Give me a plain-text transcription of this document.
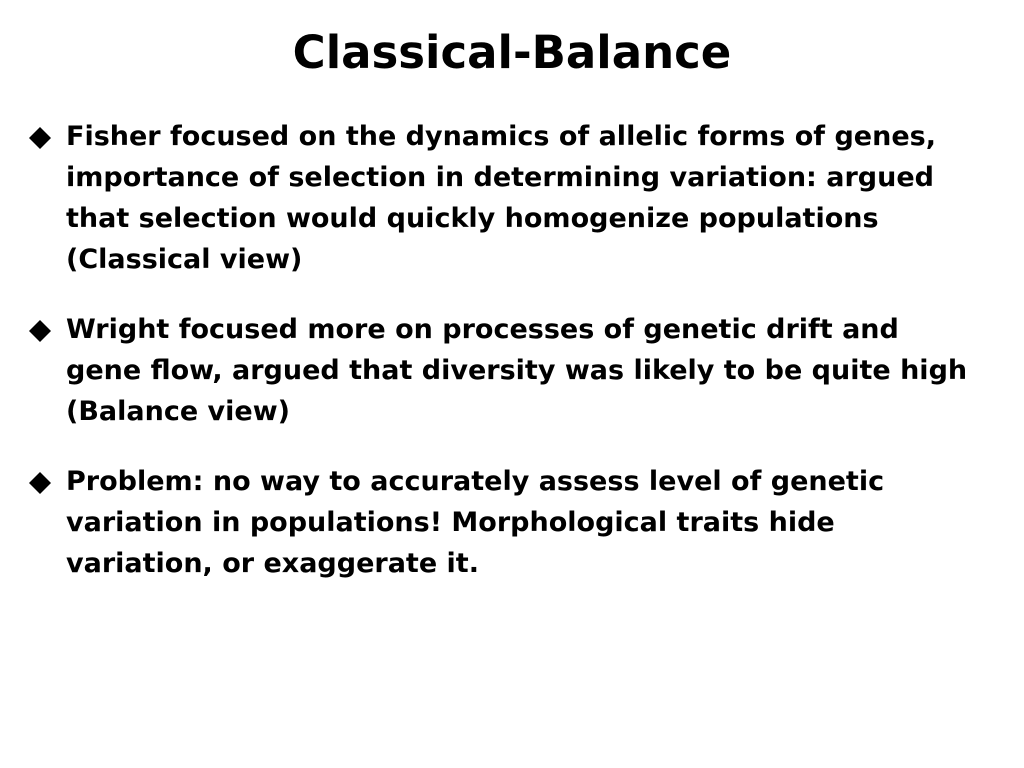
Classical-Balance
Fisher focused on the dynamics of allelic forms of genes, importance of selection in determining variation: argued that selection would quickly homogenize populations (Classical view)
Wright focused more on processes of genetic drift and gene flow, argued that diversity was likely to be quite high (Balance view)
Problem: no way to accurately assess level of genetic variation in populations! Morphological traits hide variation, or exaggerate it.
